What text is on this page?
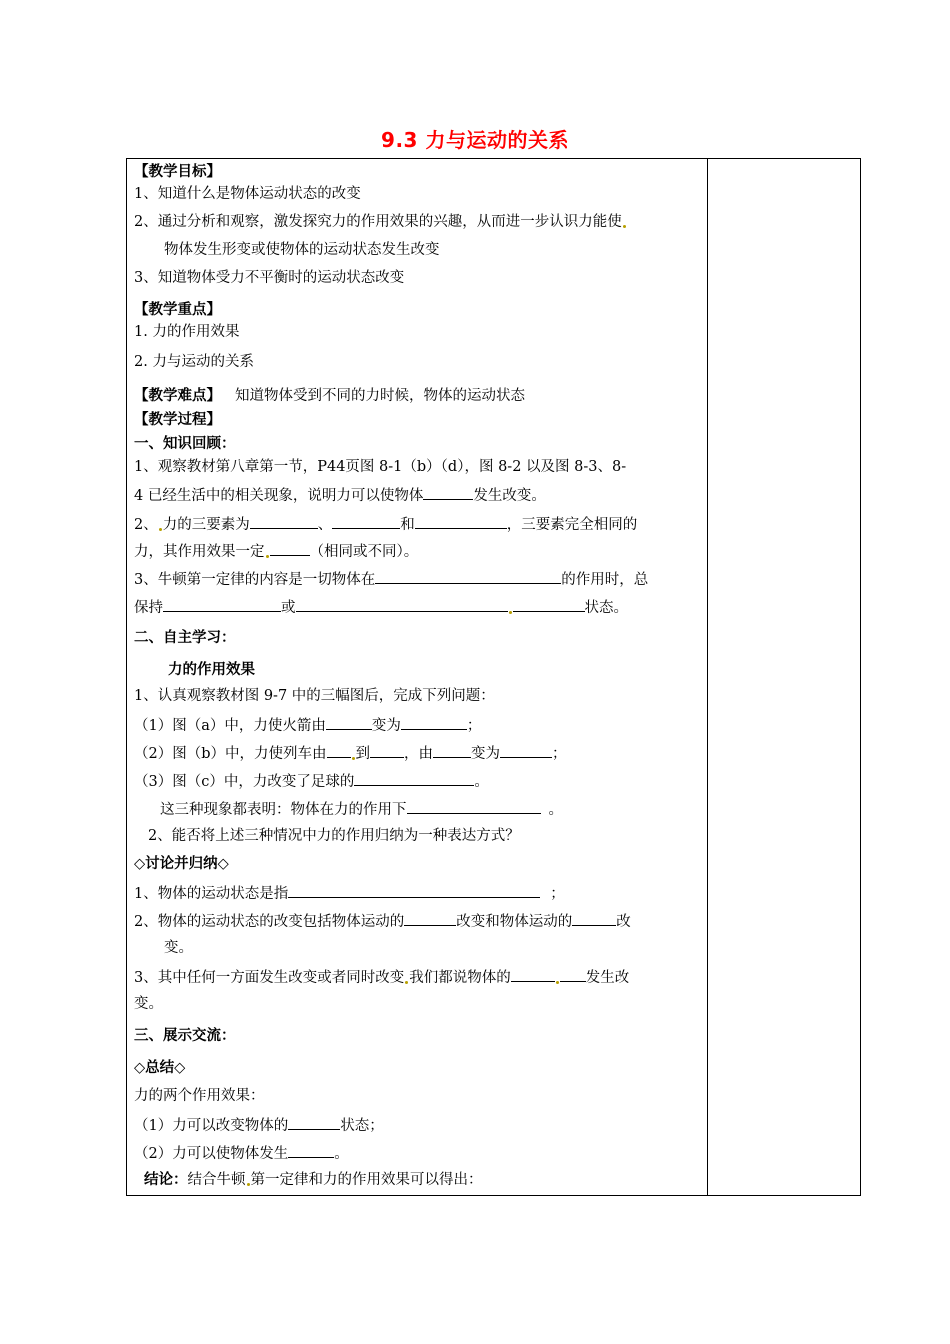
9.3 力与运动的关系
【教学目标】
1、知道什么是物体运动状态的改变
2、通过分析和观察，激发探究力的作用效果的兴趣，从而进一步认识力能使
物体发生形变或使物体的运动状态发生改变
3、知道物体受力不平衡时的运动状态改变
【教学重点】
1. 力的作用效果
2. 力与运动的关系
【教学难点】 知道物体受到不同的力时候，物体的运动状态
【教学过程】
一、知识回顾：
1、观察教材第八章第一节，P44页图 8-1（b）（d），图 8-2 以及图 8-3、8-
4 已经生活中的相关现象，说明力可以使物体	发生改变。
2、 力的三要素为	、	和	，三要素完全相同的
力，其作用效果一定	（相同或不同）。
3、牛顿第一定律的内容是一切物体在	的作用时，总
保持	或	状态。
二、自主学习：
力的作用效果
1、认真观察教材图 9-7 中的三幅图后，完成下列问题：
（1）图（a）中，力使火箭由	变为	；
（2）图（b）中，力使列车由 到 ，由	变为	；
（3）图（c）中，力改变了足球的	。
这三种现象都表明：物体在力的作用下	。
2、能否将上述三种情况中力的作用归纳为一种表达方式？
◇讨论并归纳◇
1、物体的运动状态是指	；
2、物体的运动状态的改变包括物体运动的	改变和物体运动的	改
变。
3、其中任何一方面发生改变或者同时改变 我们都说物体的	发生改
变。
三、展示交流：
◇总结◇
力的两个作用效果：
（1）力可以改变物体的	状态；
（2）力可以使物体发生	。
结论：结合牛顿 第一定律和力的作用效果可以得出：
